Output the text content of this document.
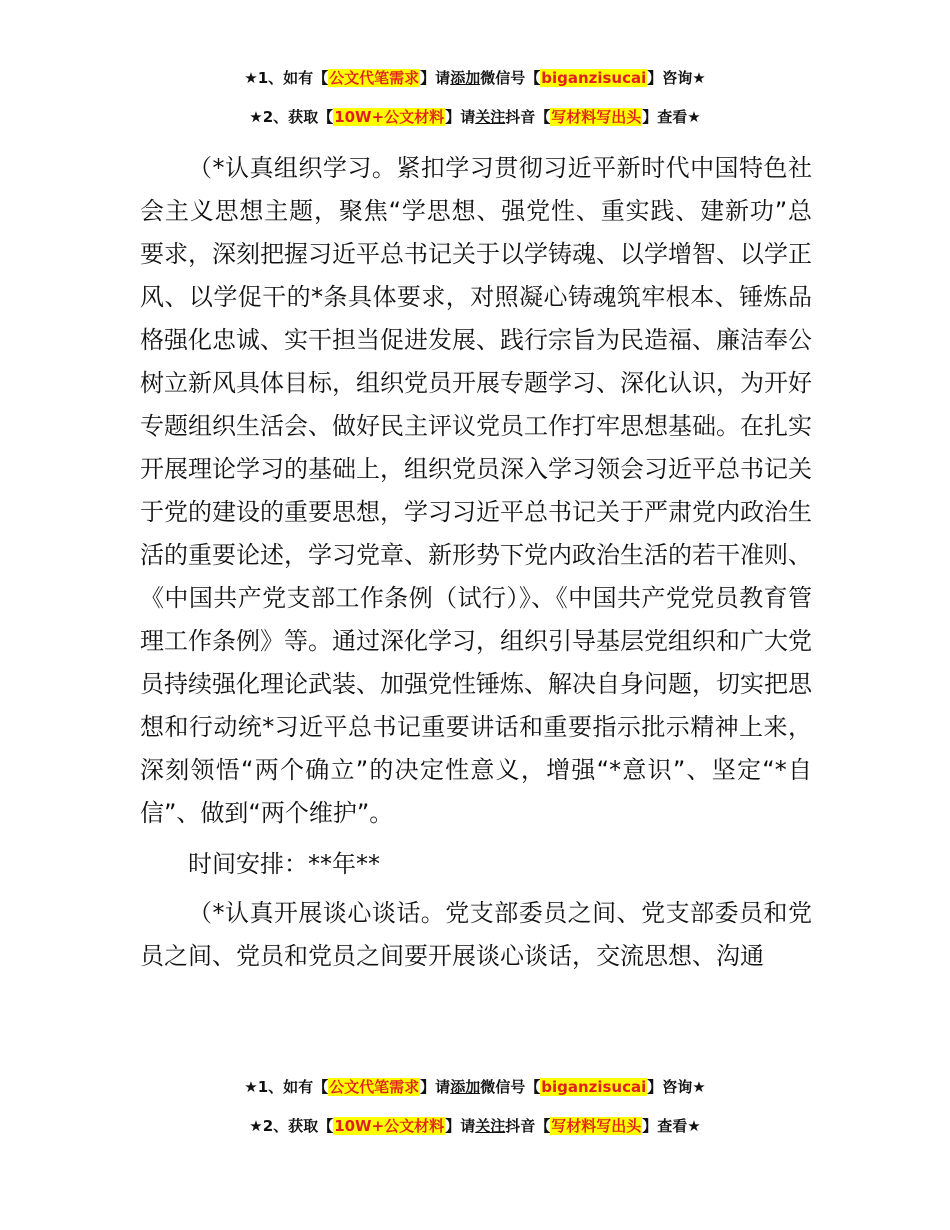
★1、如有【公文代笔需求】请添加微信号【biganzisucai】咨询★
★2、获取【10W+公文材料】请关注抖音【写材料写出头】查看★

（*认真组织学习。紧扣学习贯彻习近平新时代中国特色社会主义思想主题，聚焦“学思想、强党性、重实践、建新功”总要求，深刻把握习近平总书记关于以学铸魂、以学增智、以学正风、以学促干的*条具体要求，对照凝心铸魂筑牢根本、锤炼品格强化忠诚、实干担当促进发展、践行宗旨为民造福、廉洁奉公树立新风具体目标，组织党员开展专题学习、深化认识，为开好专题组织生活会、做好民主评议党员工作打牢思想基础。在扎实开展理论学习的基础上，组织党员深入学习领会习近平总书记关于党的建设的重要思想，学习习近平总书记关于严肃党内政治生活的重要论述，学习党章、新形势下党内政治生活的若干准则、《中国共产党支部工作条例（试行）》、《中国共产党党员教育管理工作条例》等。通过深化学习，组织引导基层党组织和广大党员持续强化理论武装、加强党性锤炼、解决自身问题，切实把思想和行动统*习近平总书记重要讲话和重要指示批示精神上来，深刻领悟“两个确立”的决定性意义，增强“*意识”、坚定“*自信”、做到“两个维护”。

时间安排：**年**

（*认真开展谈心谈话。党支部委员之间、党支部委员和党员之间、党员和党员之间要开展谈心谈话，交流思想、沟通

★1、如有【公文代笔需求】请添加微信号【biganzisucai】咨询★
★2、获取【10W+公文材料】请关注抖音【写材料写出头】查看★
